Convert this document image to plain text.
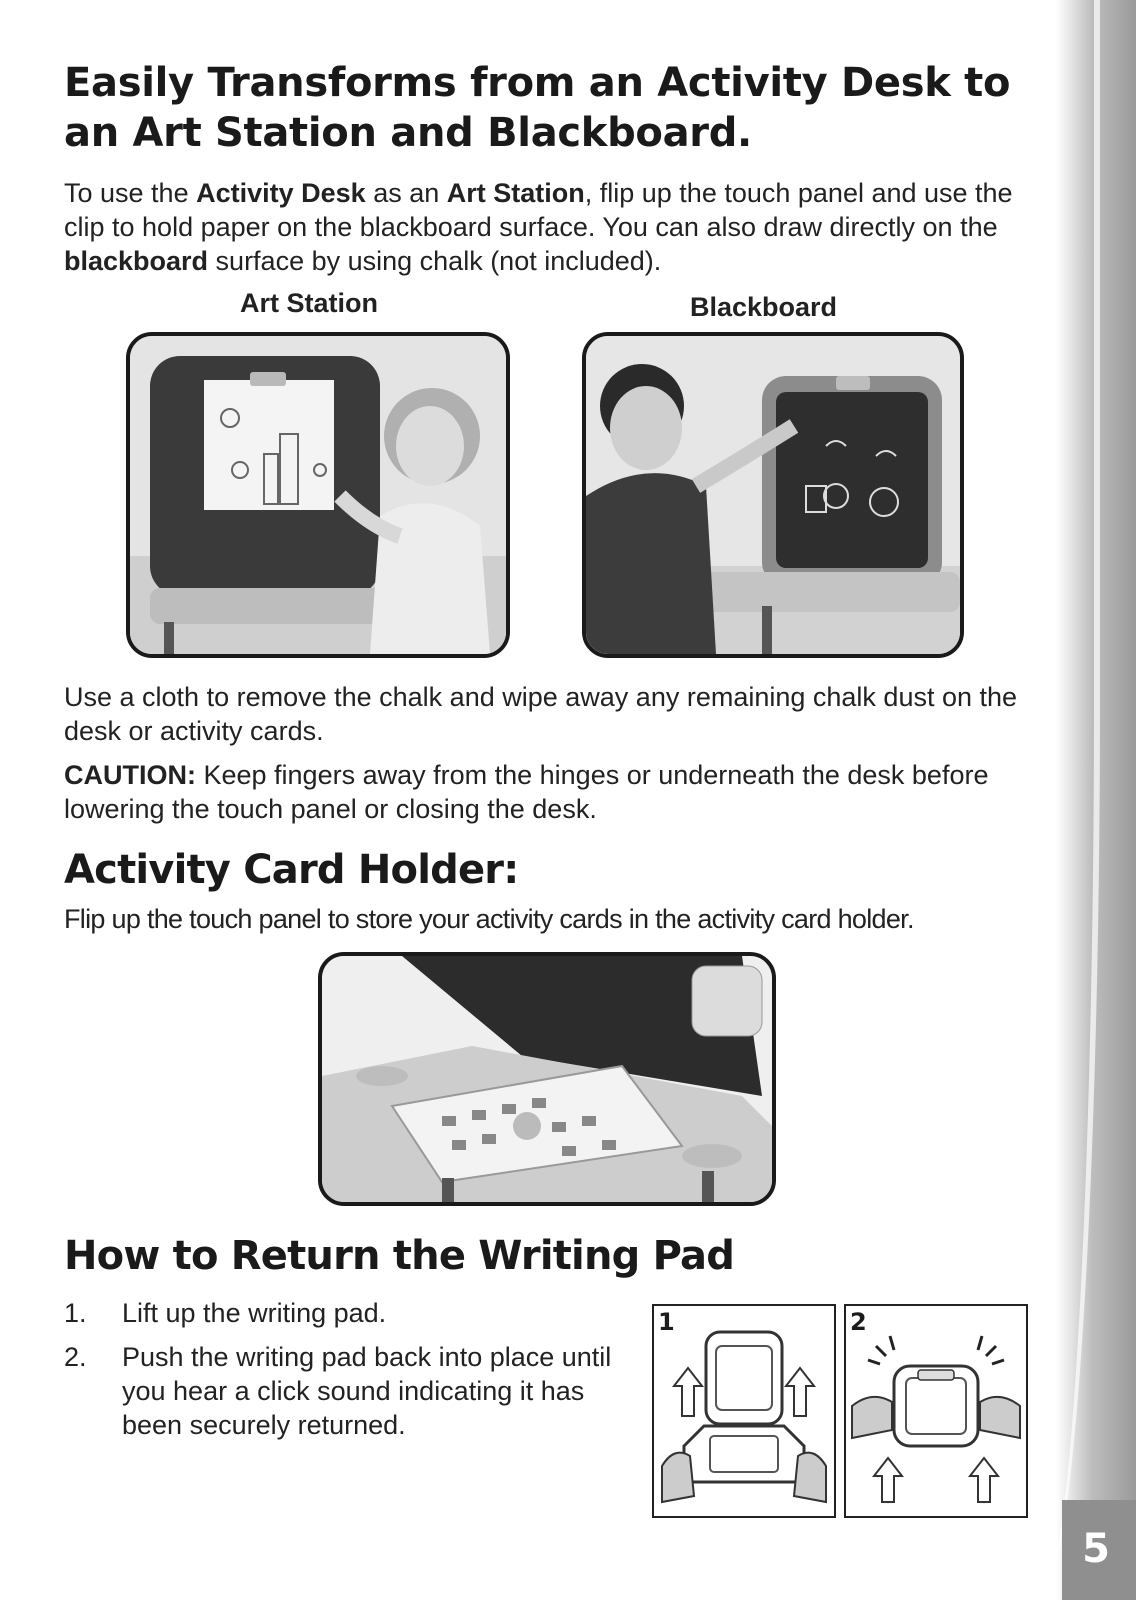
Easily Transforms from an Activity Desk to an Art Station and Blackboard.

To use the Activity Desk as an Art Station, flip up the touch panel and use the clip to hold paper on the blackboard surface. You can also draw directly on the blackboard surface by using chalk (not included).

Art Station	Blackboard

Use a cloth to remove the chalk and wipe away any remaining chalk dust on the desk or activity cards.

CAUTION: Keep fingers away from the hinges or underneath the desk before lowering the touch panel or closing the desk.

Activity Card Holder:

Flip up the touch panel to store your activity cards in the activity card holder.

How to Return the Writing Pad
1. Lift up the writing pad.
2. Push the writing pad back into place until you hear a click sound indicating it has been securely returned.
1	2
5
